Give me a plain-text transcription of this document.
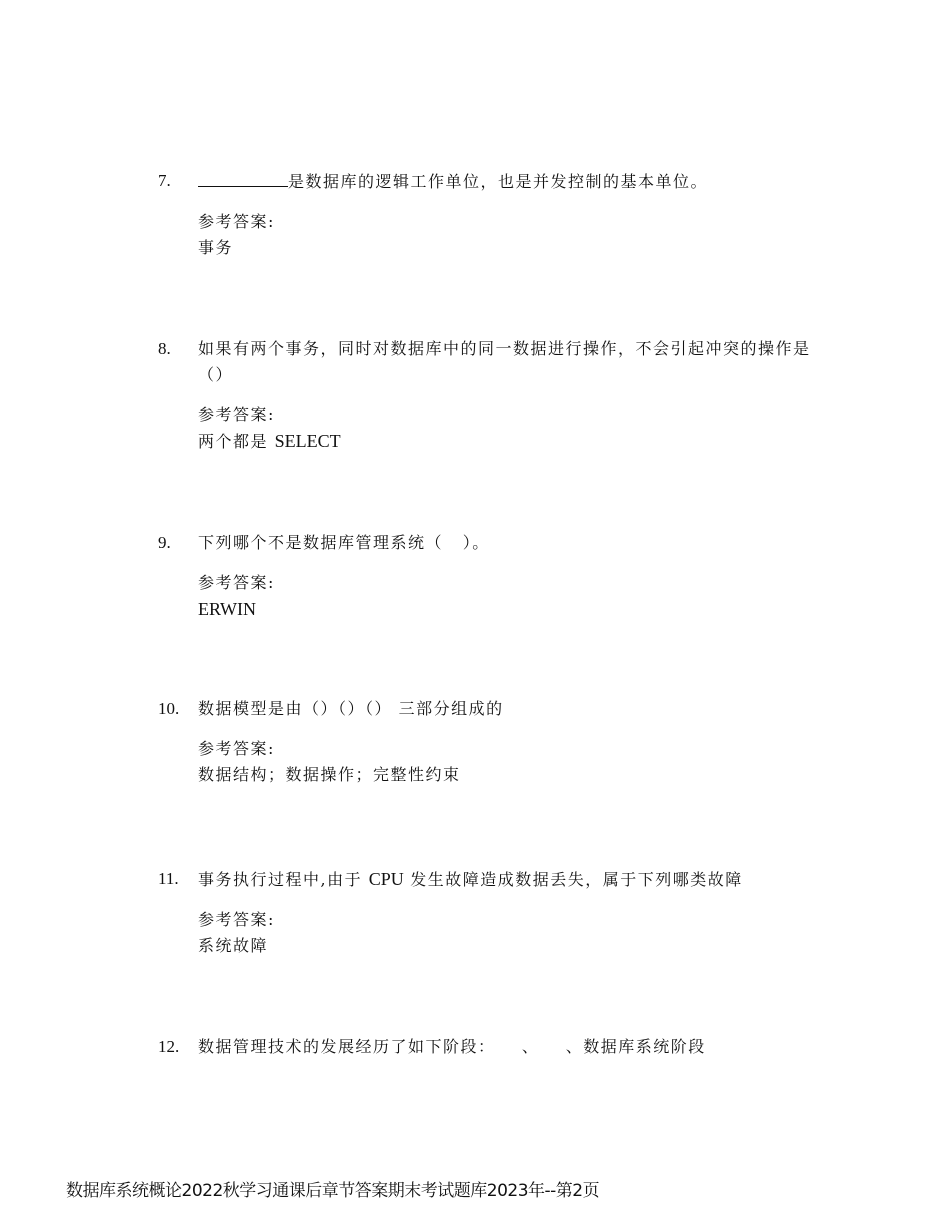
7.	是数据库的逻辑工作单位，也是并发控制的基本单位。
参考答案:
事务
8.	如果有两个事务，同时对数据库中的同一数据进行操作，不会引起冲突的操作是（）
参考答案:
两个都是 SELECT
9.	下列哪个不是数据库管理系统（   ）。
参考答案:
ERWIN
10.	数据模型是由（）（）（） 三部分组成的
参考答案:
数据结构；数据操作；完整性约束
11.	事务执行过程中,由于 CPU 发生故障造成数据丢失，属于下列哪类故障
参考答案:
系统故障
12.	数据管理技术的发展经历了如下阶段：    、    、数据库系统阶段
数据库系统概论2022秋学习通课后章节答案期末考试题库2023年--第2页
